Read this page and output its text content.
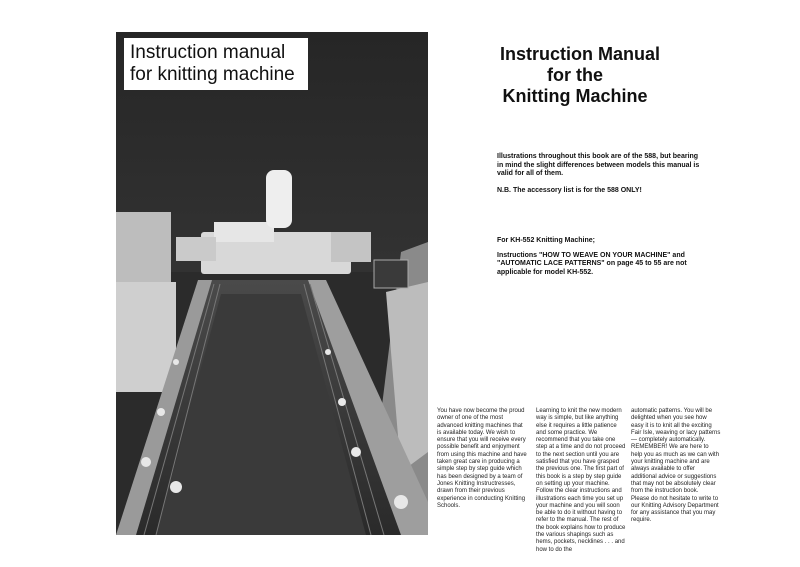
Instruction manual
for knitting machine
Instruction Manual
for the
Knitting Machine

Illustrations throughout this book are of the 588, but bearing in mind the slight differences between models this manual is valid for all of them.

N.B. The accessory list is for the 588 ONLY!

For KH-552 Knitting Machine;

Instructions "HOW TO WEAVE ON YOUR MACHINE" and "AUTOMATIC LACE PATTERNS" on page 45 to 55 are not applicable for model KH-552.

You have now become the proud owner of one of the most advanced knitting machines that is available today. We wish to ensure that you will receive every possible benefit and enjoyment from using this machine and have taken great care in producing a simple step by step guide which has been designed by a team of Jones Knitting Instructresses, drawn from their previous experience in conducting Knitting Schools.
Learning to knit the new modern way is simple, but like anything else it requires a little patience and some practice. We recommend that you take one step at a time and do not proceed to the next section until you are satisfied that you have grasped the previous one. The first part of this book is a step by step guide on setting up your machine. Follow the clear instructions and illustrations each time you set up your machine and you will soon be able to do it without having to refer to the manual. The rest of the book explains how to produce the various shapings such as hems, pockets, necklines . . . and how to do the
automatic patterns. You will be delighted when you see how easy it is to knit all the exciting Fair Isle, weaving or lacy patterns — completely automatically.
REMEMBER! We are here to help you as much as we can with your knitting machine and are always available to offer additional advice or suggestions that may not be absolutely clear from the instruction book.
Please do not hesitate to write to our Knitting Advisory Department for any assistance that you may require.
